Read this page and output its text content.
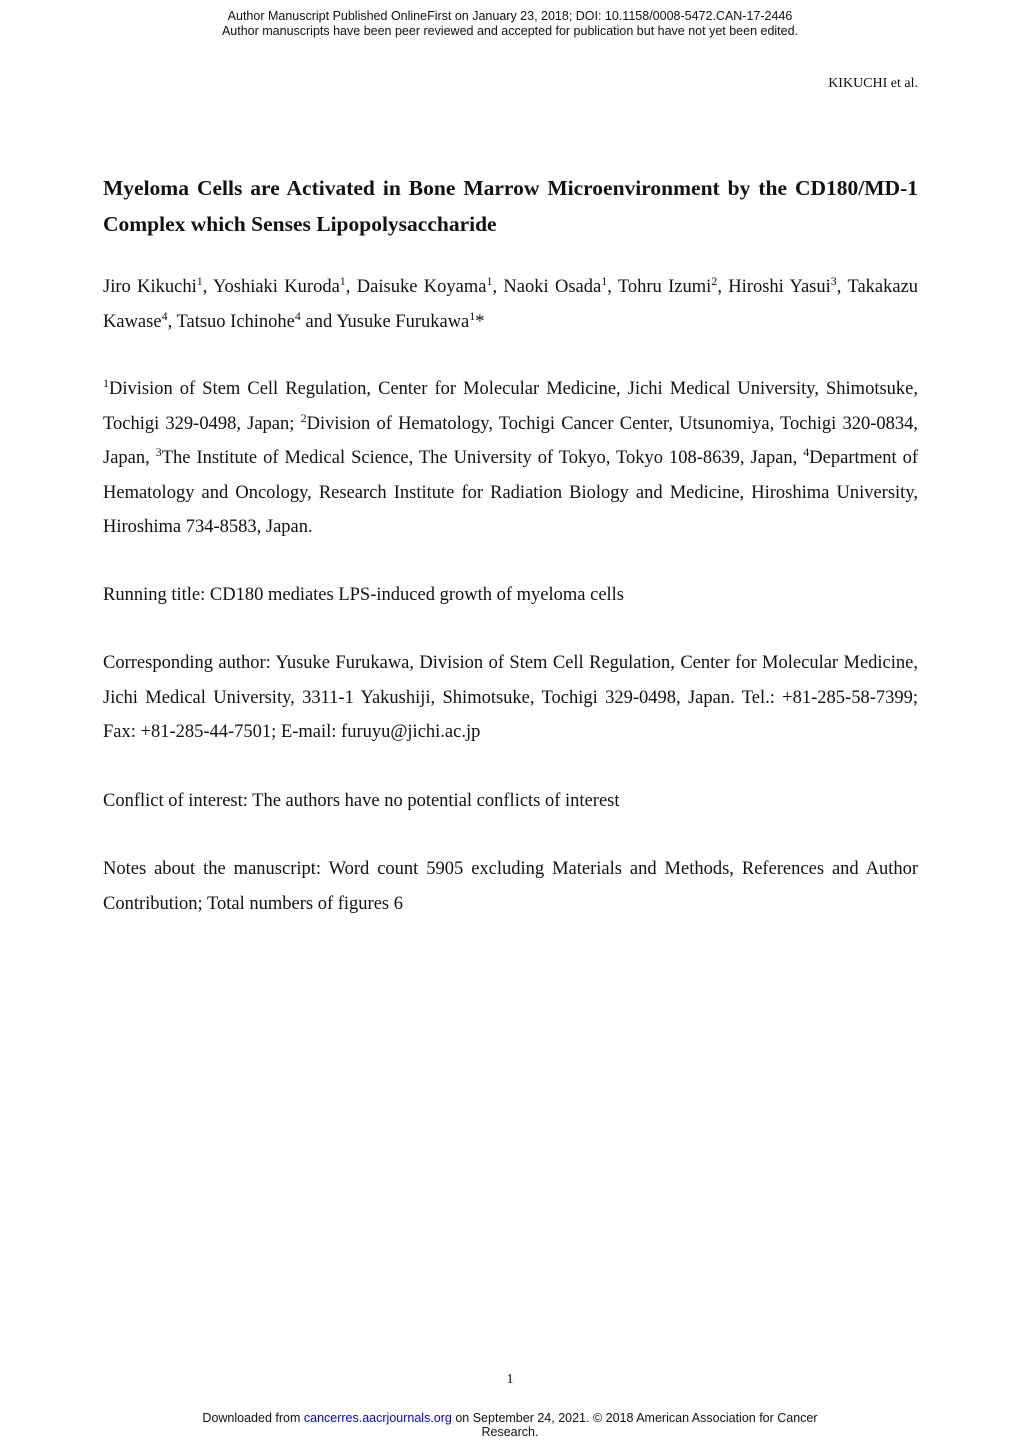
Author Manuscript Published OnlineFirst on January 23, 2018; DOI: 10.1158/0008-5472.CAN-17-2446
Author manuscripts have been peer reviewed and accepted for publication but have not yet been edited.
KIKUCHI et al.
Myeloma Cells are Activated in Bone Marrow Microenvironment by the CD180/MD-1 Complex which Senses Lipopolysaccharide
Jiro Kikuchi$^1$, Yoshiaki Kuroda$^1$, Daisuke Koyama$^1$, Naoki Osada$^1$, Tohru Izumi$^2$, Hiroshi Yasui$^3$, Takakazu Kawase$^4$, Tatsuo Ichinohe$^4$ and Yusuke Furukawa$^1$*
$^1$Division of Stem Cell Regulation, Center for Molecular Medicine, Jichi Medical University, Shimotsuke, Tochigi 329-0498, Japan; $^2$Division of Hematology, Tochigi Cancer Center, Utsunomiya, Tochigi 320-0834, Japan, $^3$The Institute of Medical Science, The University of Tokyo, Tokyo 108-8639, Japan, $^4$Department of Hematology and Oncology, Research Institute for Radiation Biology and Medicine, Hiroshima University, Hiroshima 734-8583, Japan.
Running title: CD180 mediates LPS-induced growth of myeloma cells
Corresponding author: Yusuke Furukawa, Division of Stem Cell Regulation, Center for Molecular Medicine, Jichi Medical University, 3311-1 Yakushiji, Shimotsuke, Tochigi 329-0498, Japan. Tel.: +81-285-58-7399; Fax: +81-285-44-7501; E-mail: furuyu@jichi.ac.jp
Conflict of interest: The authors have no potential conflicts of interest
Notes about the manuscript: Word count 5905 excluding Materials and Methods, References and Author Contribution; Total numbers of figures 6
1
Downloaded from cancerres.aacrjournals.org on September 24, 2021. © 2018 American Association for Cancer
Research.
